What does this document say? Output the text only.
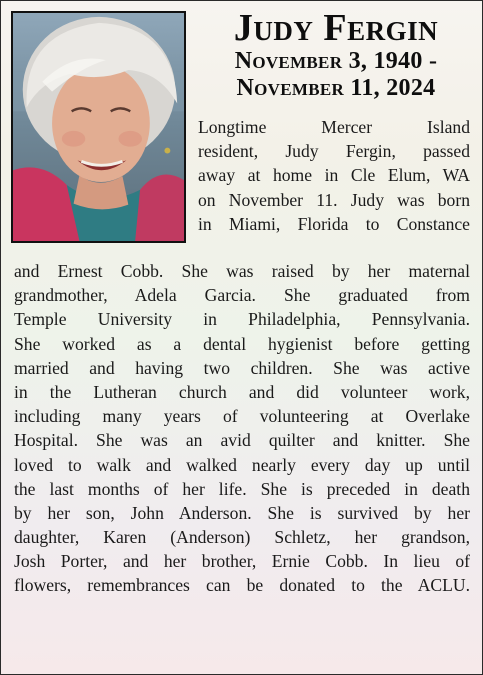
Judy Fergin
November 3, 1940 -
November 11, 2024
Longtime Mercer Island
resident, Judy Fergin, passed
away at home in Cle Elum, WA
on November 11. Judy was born
in Miami, Florida to Constance
and Ernest Cobb. She was raised by her maternal
grandmother, Adela Garcia. She graduated from
Temple University in Philadelphia, Pennsylvania.
She worked as a dental hygienist before getting
married and having two children. She was active
in the Lutheran church and did volunteer work,
including many years of volunteering at Overlake
Hospital. She was an avid quilter and knitter. She
loved to walk and walked nearly every day up until
the last months of her life. She is preceded in death
by her son, John Anderson. She is survived by her
daughter, Karen (Anderson) Schletz, her grandson,
Josh Porter, and her brother, Ernie Cobb. In lieu of
flowers, remembrances can be donated to the ACLU.
